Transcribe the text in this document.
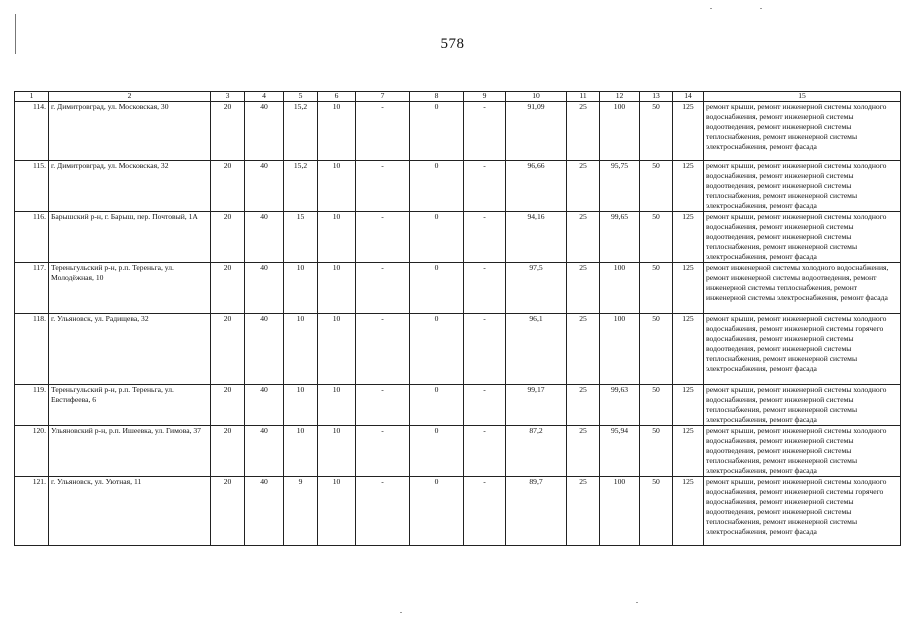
578
1	2	3	4	5	6	7	8	9	10	11	12	13	14	15
114.	г. Димитровград, ул. Московская, 30	20	40	15,2	10	-	0	-	91,09	25	100	50	125	ремонт крыши, ремонт инженерной системы холодного водоснабжения, ремонт инженерной системы водоотведения, ремонт инженерной системы теплоснабжения, ремонт инженерной системы электроснабжения, ремонт фасада
115.	г. Димитровград, ул. Московская, 32	20	40	15,2	10	-	0	-	96,66	25	95,75	50	125	ремонт крыши, ремонт инженерной системы холодного водоснабжения, ремонт инженерной системы водоотведения, ремонт инженерной системы теплоснабжения, ремонт инженерной системы электроснабжения, ремонт фасада
116.	Барышский р-н, г. Барыш, пер. Почтовый, 1А	20	40	15	10	-	0	-	94,16	25	99,65	50	125	ремонт крыши, ремонт инженерной системы холодного водоснабжения, ремонт инженерной системы водоотведения, ремонт инженерной системы теплоснабжения, ремонт инженерной системы электроснабжения, ремонт фасада
117.	Тереньгульский р-н, р.п. Тереньга, ул. Молодёжная, 10	20	40	10	10	-	0	-	97,5	25	100	50	125	ремонт инженерной системы холодного водоснабжения, ремонт инженерной системы водоотведения, ремонт инженерной системы теплоснабжения, ремонт инженерной системы электроснабжения, ремонт фасада
118.	г. Ульяновск, ул. Радищева, 32	20	40	10	10	-	0	-	96,1	25	100	50	125	ремонт крыши, ремонт инженерной системы холодного водоснабжения, ремонт инженерной системы горячего водоснабжения, ремонт инженерной системы водоотведения, ремонт инженерной системы теплоснабжения, ремонт инженерной системы электроснабжения, ремонт фасада
119.	Тереньгульский р-н, р.п. Тереньга, ул. Евстифеева, 6	20	40	10	10	-	0	-	99,17	25	99,63	50	125	ремонт крыши, ремонт инженерной системы холодного водоснабжения, ремонт инженерной системы теплоснабжения, ремонт инженерной системы электроснабжения, ремонт фасада
120.	Ульяновский р-н, р.п. Ишеевка, ул. Гимова, 37	20	40	10	10	-	0	-	87,2	25	95,94	50	125	ремонт крыши, ремонт инженерной системы холодного водоснабжения, ремонт инженерной системы водоотведения, ремонт инженерной системы теплоснабжения, ремонт инженерной системы электроснабжения, ремонт фасада
121.	г. Ульяновск, ул. Уютная, 11	20	40	9	10	-	0	-	89,7	25	100	50	125	ремонт крыши, ремонт инженерной системы холодного водоснабжения, ремонт инженерной системы горячего водоснабжения, ремонт инженерной системы водоотведения, ремонт инженерной системы теплоснабжения, ремонт инженерной системы электроснабжения, ремонт фасада
